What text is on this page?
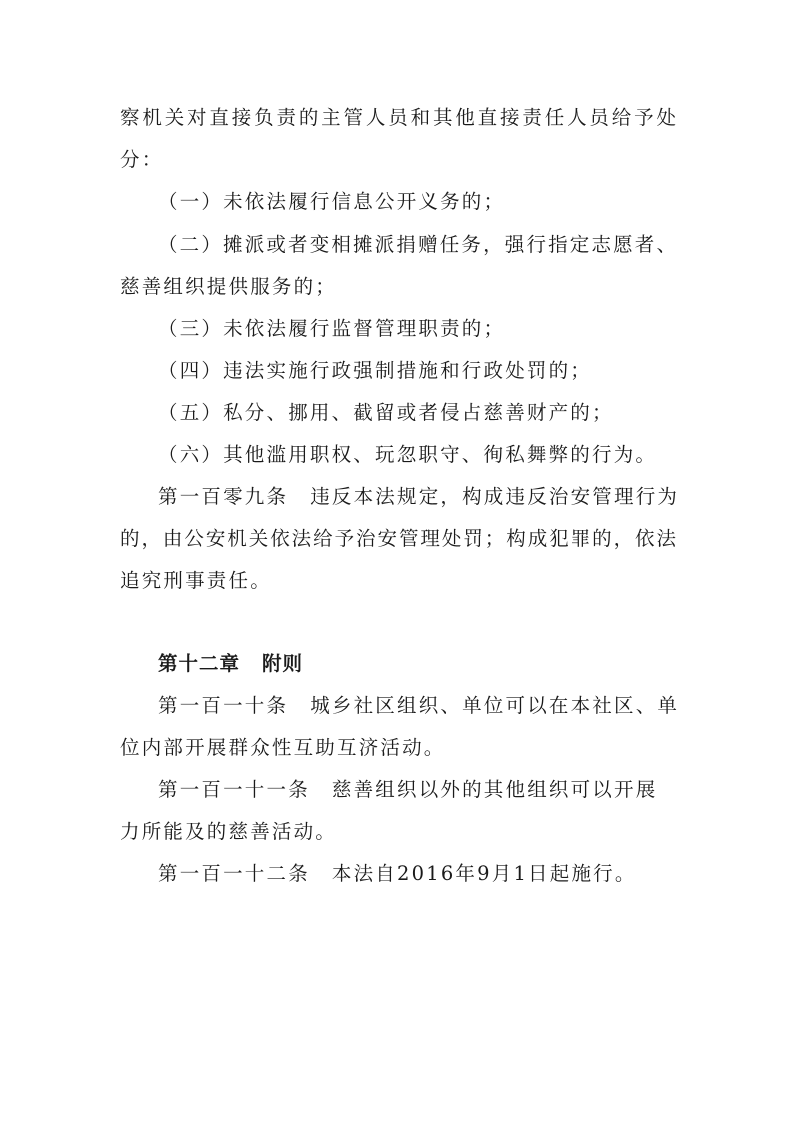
察机关对直接负责的主管人员和其他直接责任人员给予处
分：
（一）未依法履行信息公开义务的；
（二）摊派或者变相摊派捐赠任务，强行指定志愿者、
慈善组织提供服务的；
（三）未依法履行监督管理职责的；
（四）违法实施行政强制措施和行政处罚的；
（五）私分、挪用、截留或者侵占慈善财产的；
（六）其他滥用职权、玩忽职守、徇私舞弊的行为。
第一百零九条 违反本法规定，构成违反治安管理行为
的，由公安机关依法给予治安管理处罚；构成犯罪的，依法
追究刑事责任。
第十二章 附则
第一百一十条 城乡社区组织、单位可以在本社区、单
位内部开展群众性互助互济活动。
第一百一十一条 慈善组织以外的其他组织可以开展
力所能及的慈善活动。
第一百一十二条 本法自2016年9月1日起施行。
